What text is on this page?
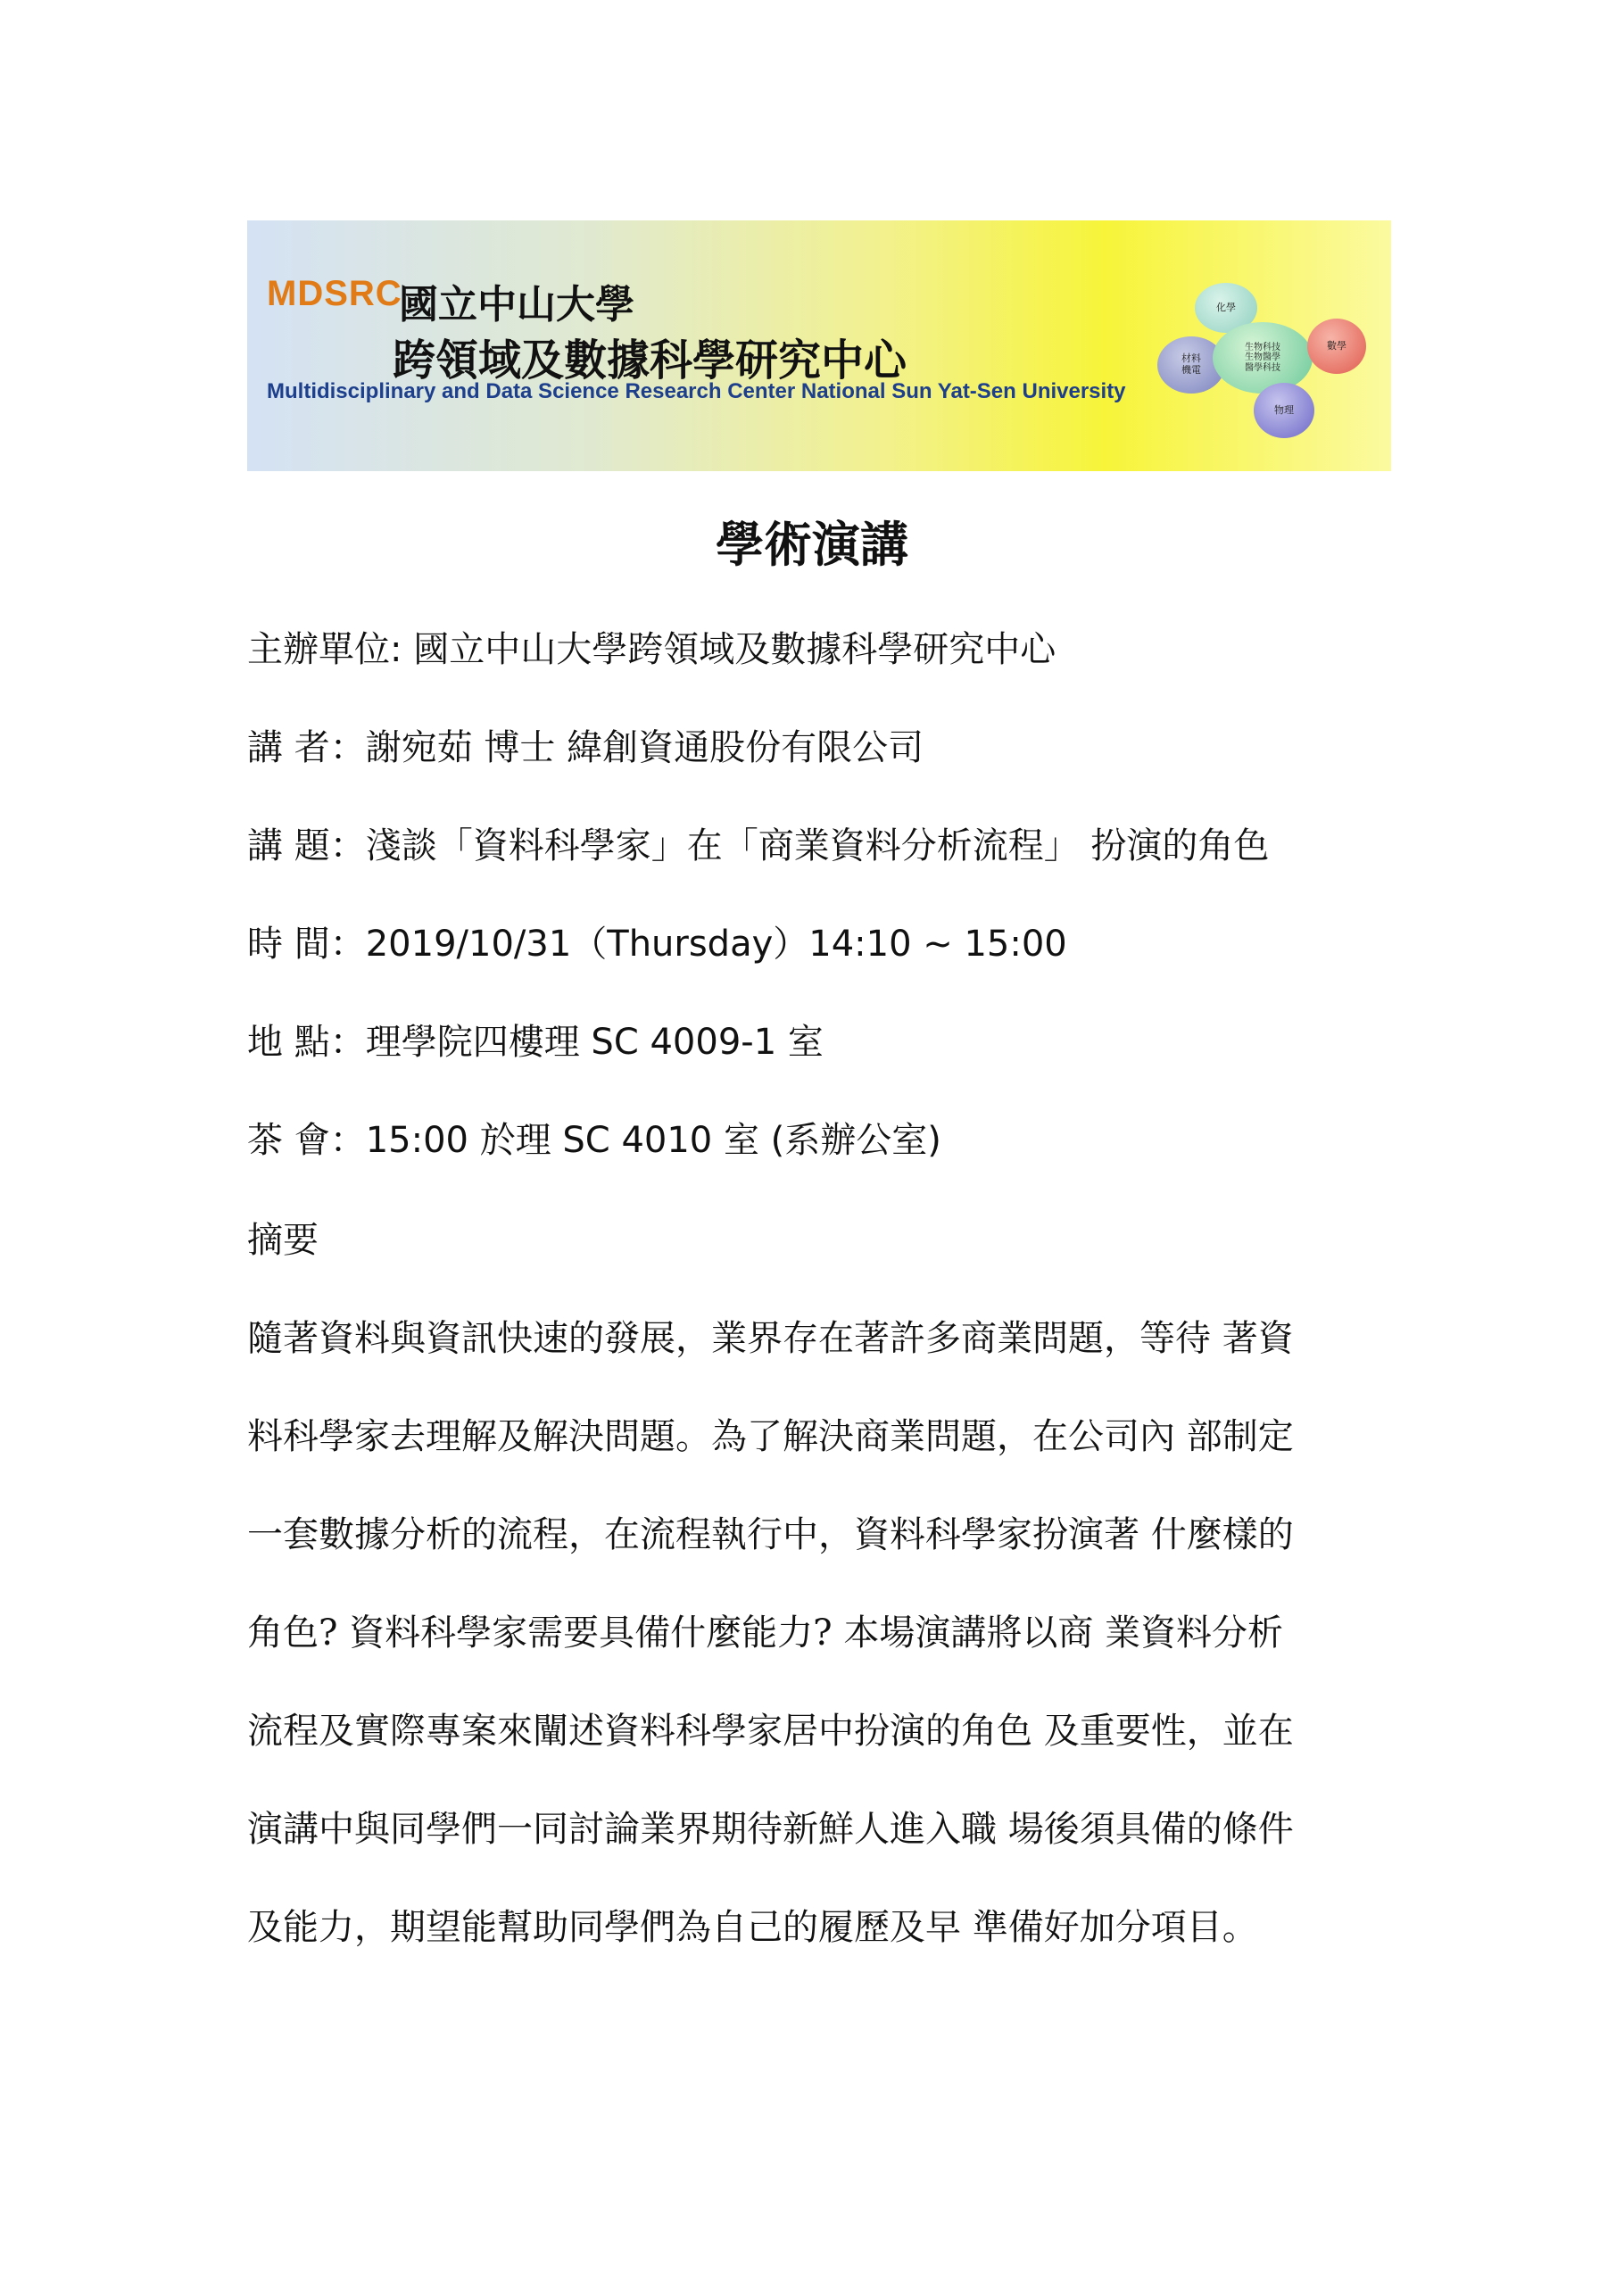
MDSRC
國立中山大學
跨領域及數據科學研究中心
Multidisciplinary and Data Science Research Center National Sun Yat-Sen University
化學
材料
機電
生物科技
生物醫學
醫學科技
數學
物理
學術演講
主辦單位: 國立中山大學跨領域及數據科學研究中心
講 者：謝宛茹 博士 緯創資通股份有限公司
講 題：淺談「資料科學家」在「商業資料分析流程」 扮演的角色
時 間：2019/10/31（Thursday）14:10 ~ 15:00
地 點：理學院四樓理 SC 4009-1 室
茶 會：15:00 於理 SC 4010 室 (系辦公室)
摘要
隨著資料與資訊快速的發展，業界存在著許多商業問題，等待 著資
料科學家去理解及解決問題。為了解決商業問題，在公司內 部制定
一套數據分析的流程，在流程執行中，資料科學家扮演著 什麼樣的
角色? 資料科學家需要具備什麼能力? 本場演講將以商 業資料分析
流程及實際專案來闡述資料科學家居中扮演的角色 及重要性，並在
演講中與同學們一同討論業界期待新鮮人進入職 場後須具備的條件
及能力，期望能幫助同學們為自己的履歷及早 準備好加分項目。
